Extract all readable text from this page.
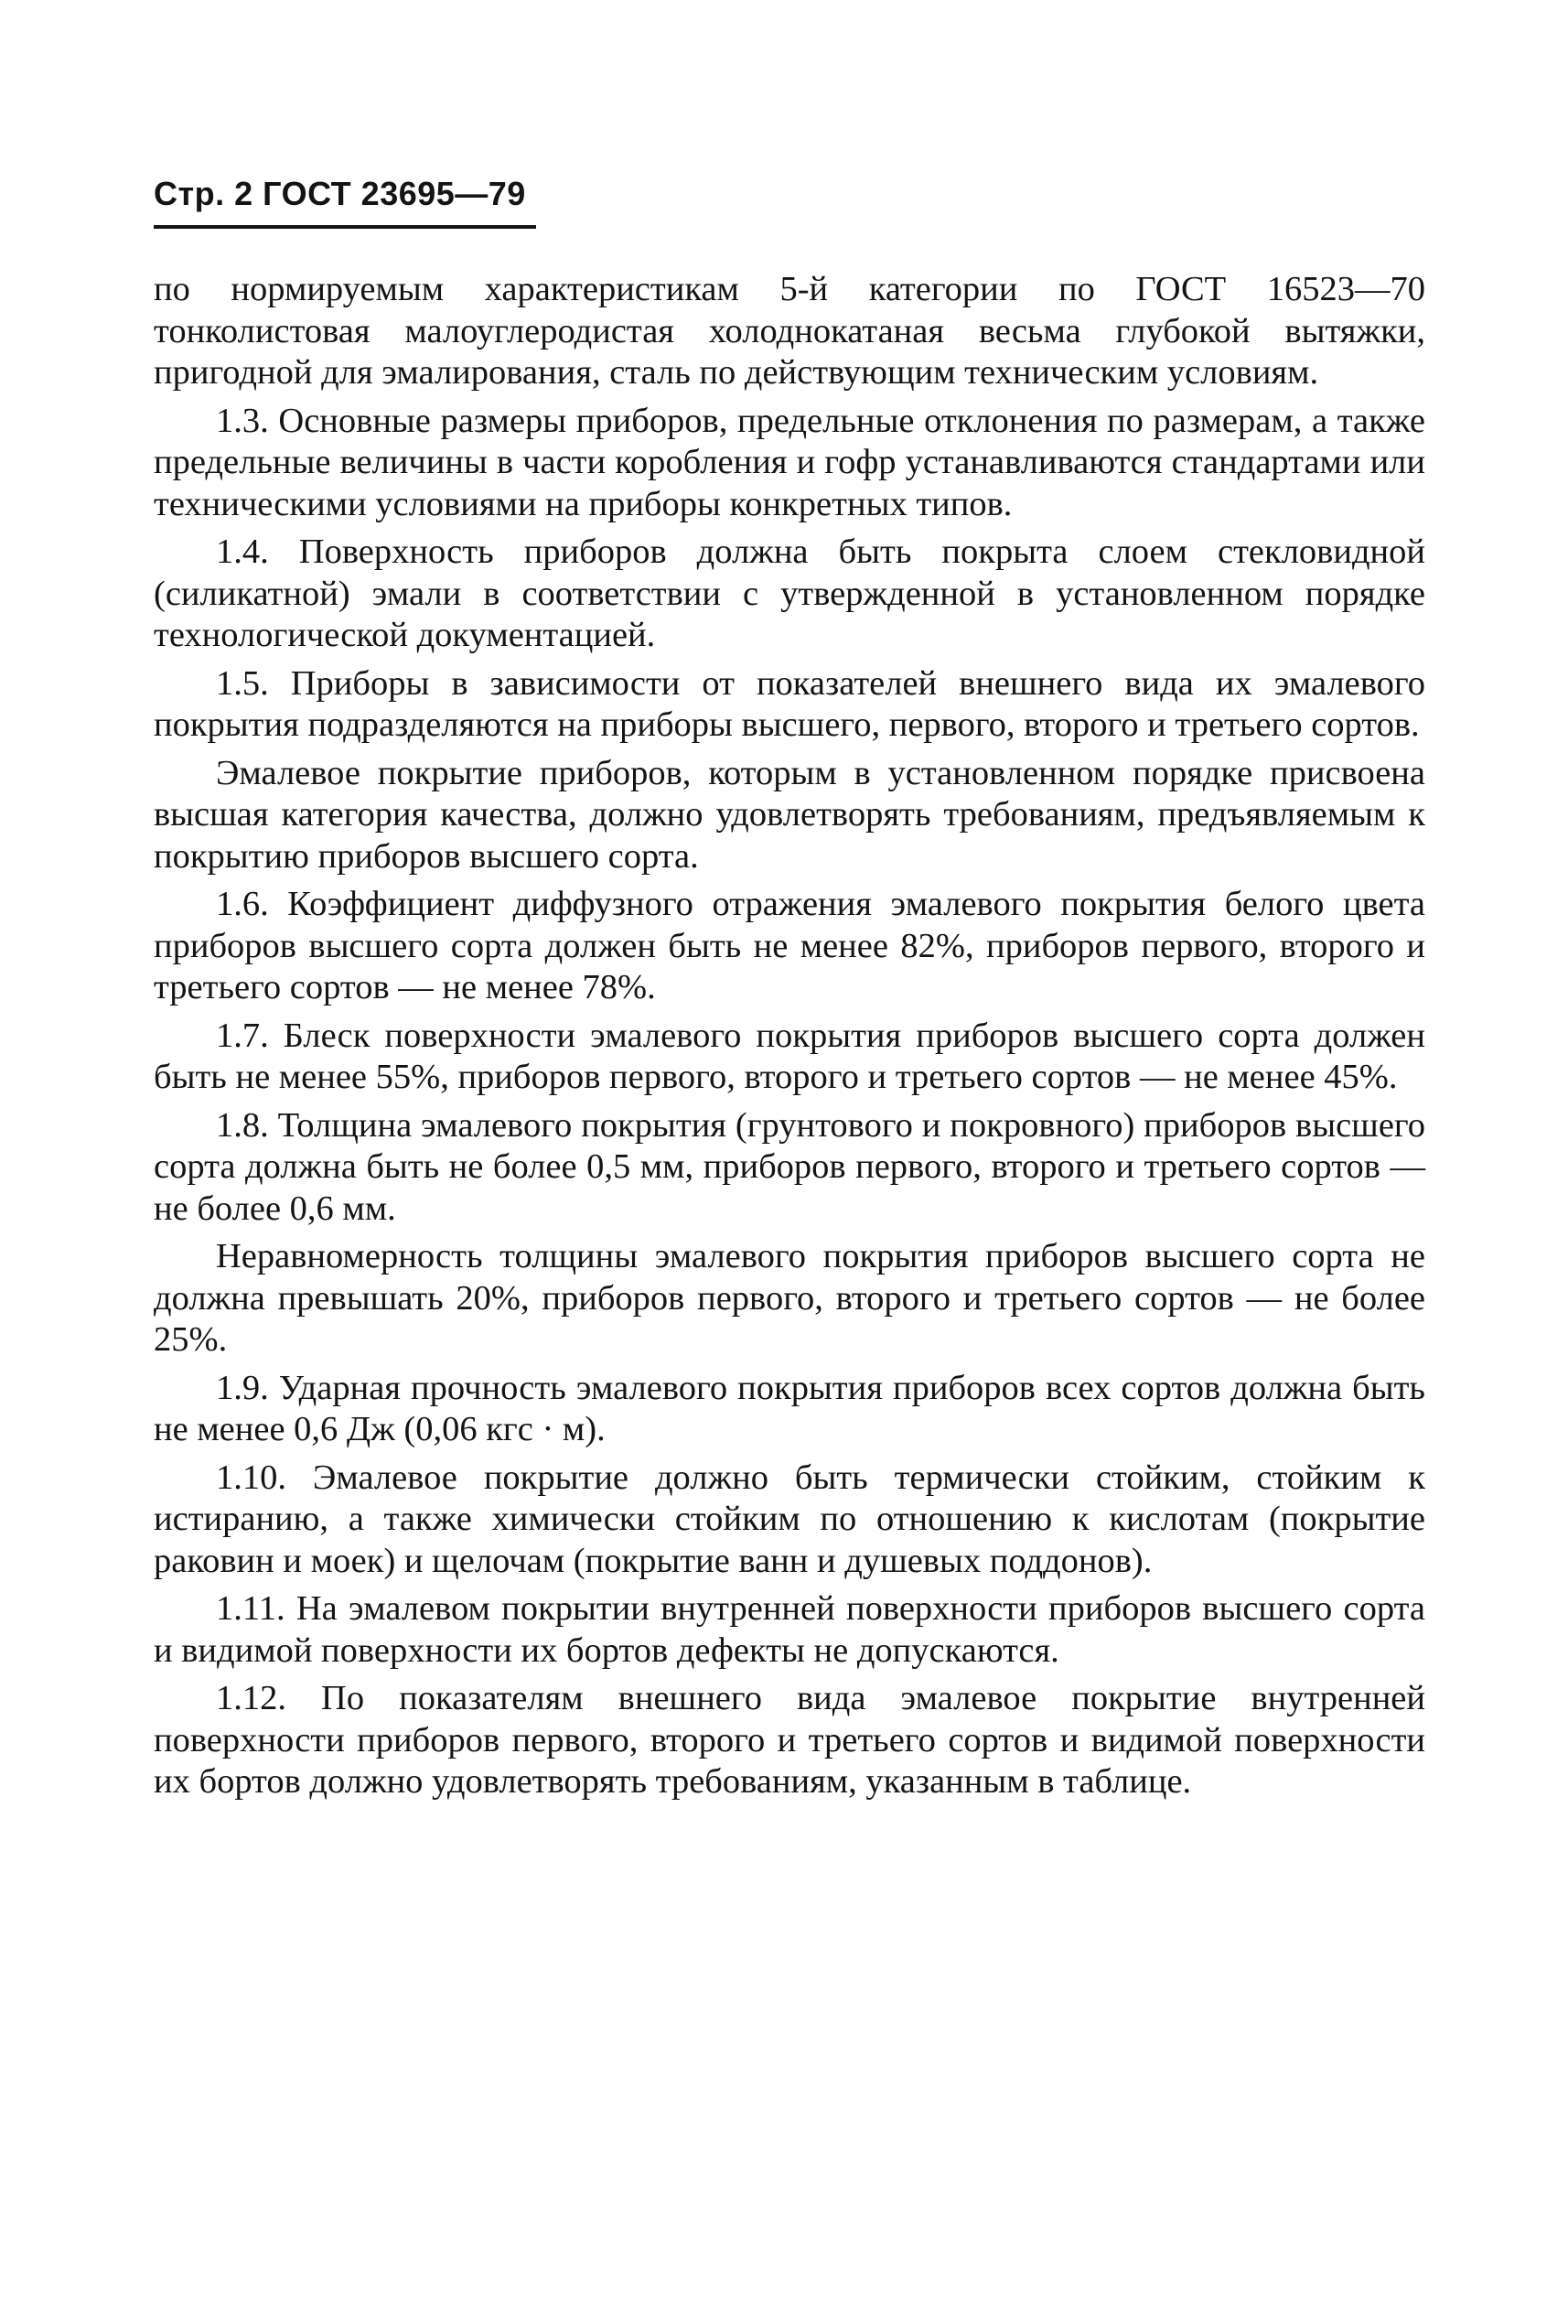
Стр. 2 ГОСТ 23695—79

по нормируемым характеристикам 5-й категории по ГОСТ 16523—70 тонколистовая малоуглеродистая холоднокатаная весьма глубокой вытяжки, пригодной для эмалирования, сталь по действующим техническим условиям.

1.3. Основные размеры приборов, предельные отклонения по размерам, а также предельные величины в части коробления и гофр устанавливаются стандартами или техническими условиями на приборы конкретных типов.

1.4. Поверхность приборов должна быть покрыта слоем стекловидной (силикатной) эмали в соответствии с утвержденной в установленном порядке технологической документацией.

1.5. Приборы в зависимости от показателей внешнего вида их эмалевого покрытия подразделяются на приборы высшего, первого, второго и третьего сортов.

Эмалевое покрытие приборов, которым в установленном порядке присвоена высшая категория качества, должно удовлетворять требованиям, предъявляемым к покрытию приборов высшего сорта.

1.6. Коэффициент диффузного отражения эмалевого покрытия белого цвета приборов высшего сорта должен быть не менее 82%, приборов первого, второго и третьего сортов — не менее 78%.

1.7. Блеск поверхности эмалевого покрытия приборов высшего сорта должен быть не менее 55%, приборов первого, второго и третьего сортов — не менее 45%.

1.8. Толщина эмалевого покрытия (грунтового и покровного) приборов высшего сорта должна быть не более 0,5 мм, приборов первого, второго и третьего сортов — не более 0,6 мм.

Неравномерность толщины эмалевого покрытия приборов высшего сорта не должна превышать 20%, приборов первого, второго и третьего сортов — не более 25%.

1.9. Ударная прочность эмалевого покрытия приборов всех сортов должна быть не менее 0,6 Дж (0,06 кгс · м).

1.10. Эмалевое покрытие должно быть термически стойким, стойким к истиранию, а также химически стойким по отношению к кислотам (покрытие раковин и моек) и щелочам (покрытие ванн и душевых поддонов).

1.11. На эмалевом покрытии внутренней поверхности приборов высшего сорта и видимой поверхности их бортов дефекты не допускаются.

1.12. По показателям внешнего вида эмалевое покрытие внутренней поверхности приборов первого, второго и третьего сортов и видимой поверхности их бортов должно удовлетворять требованиям, указанным в таблице.
